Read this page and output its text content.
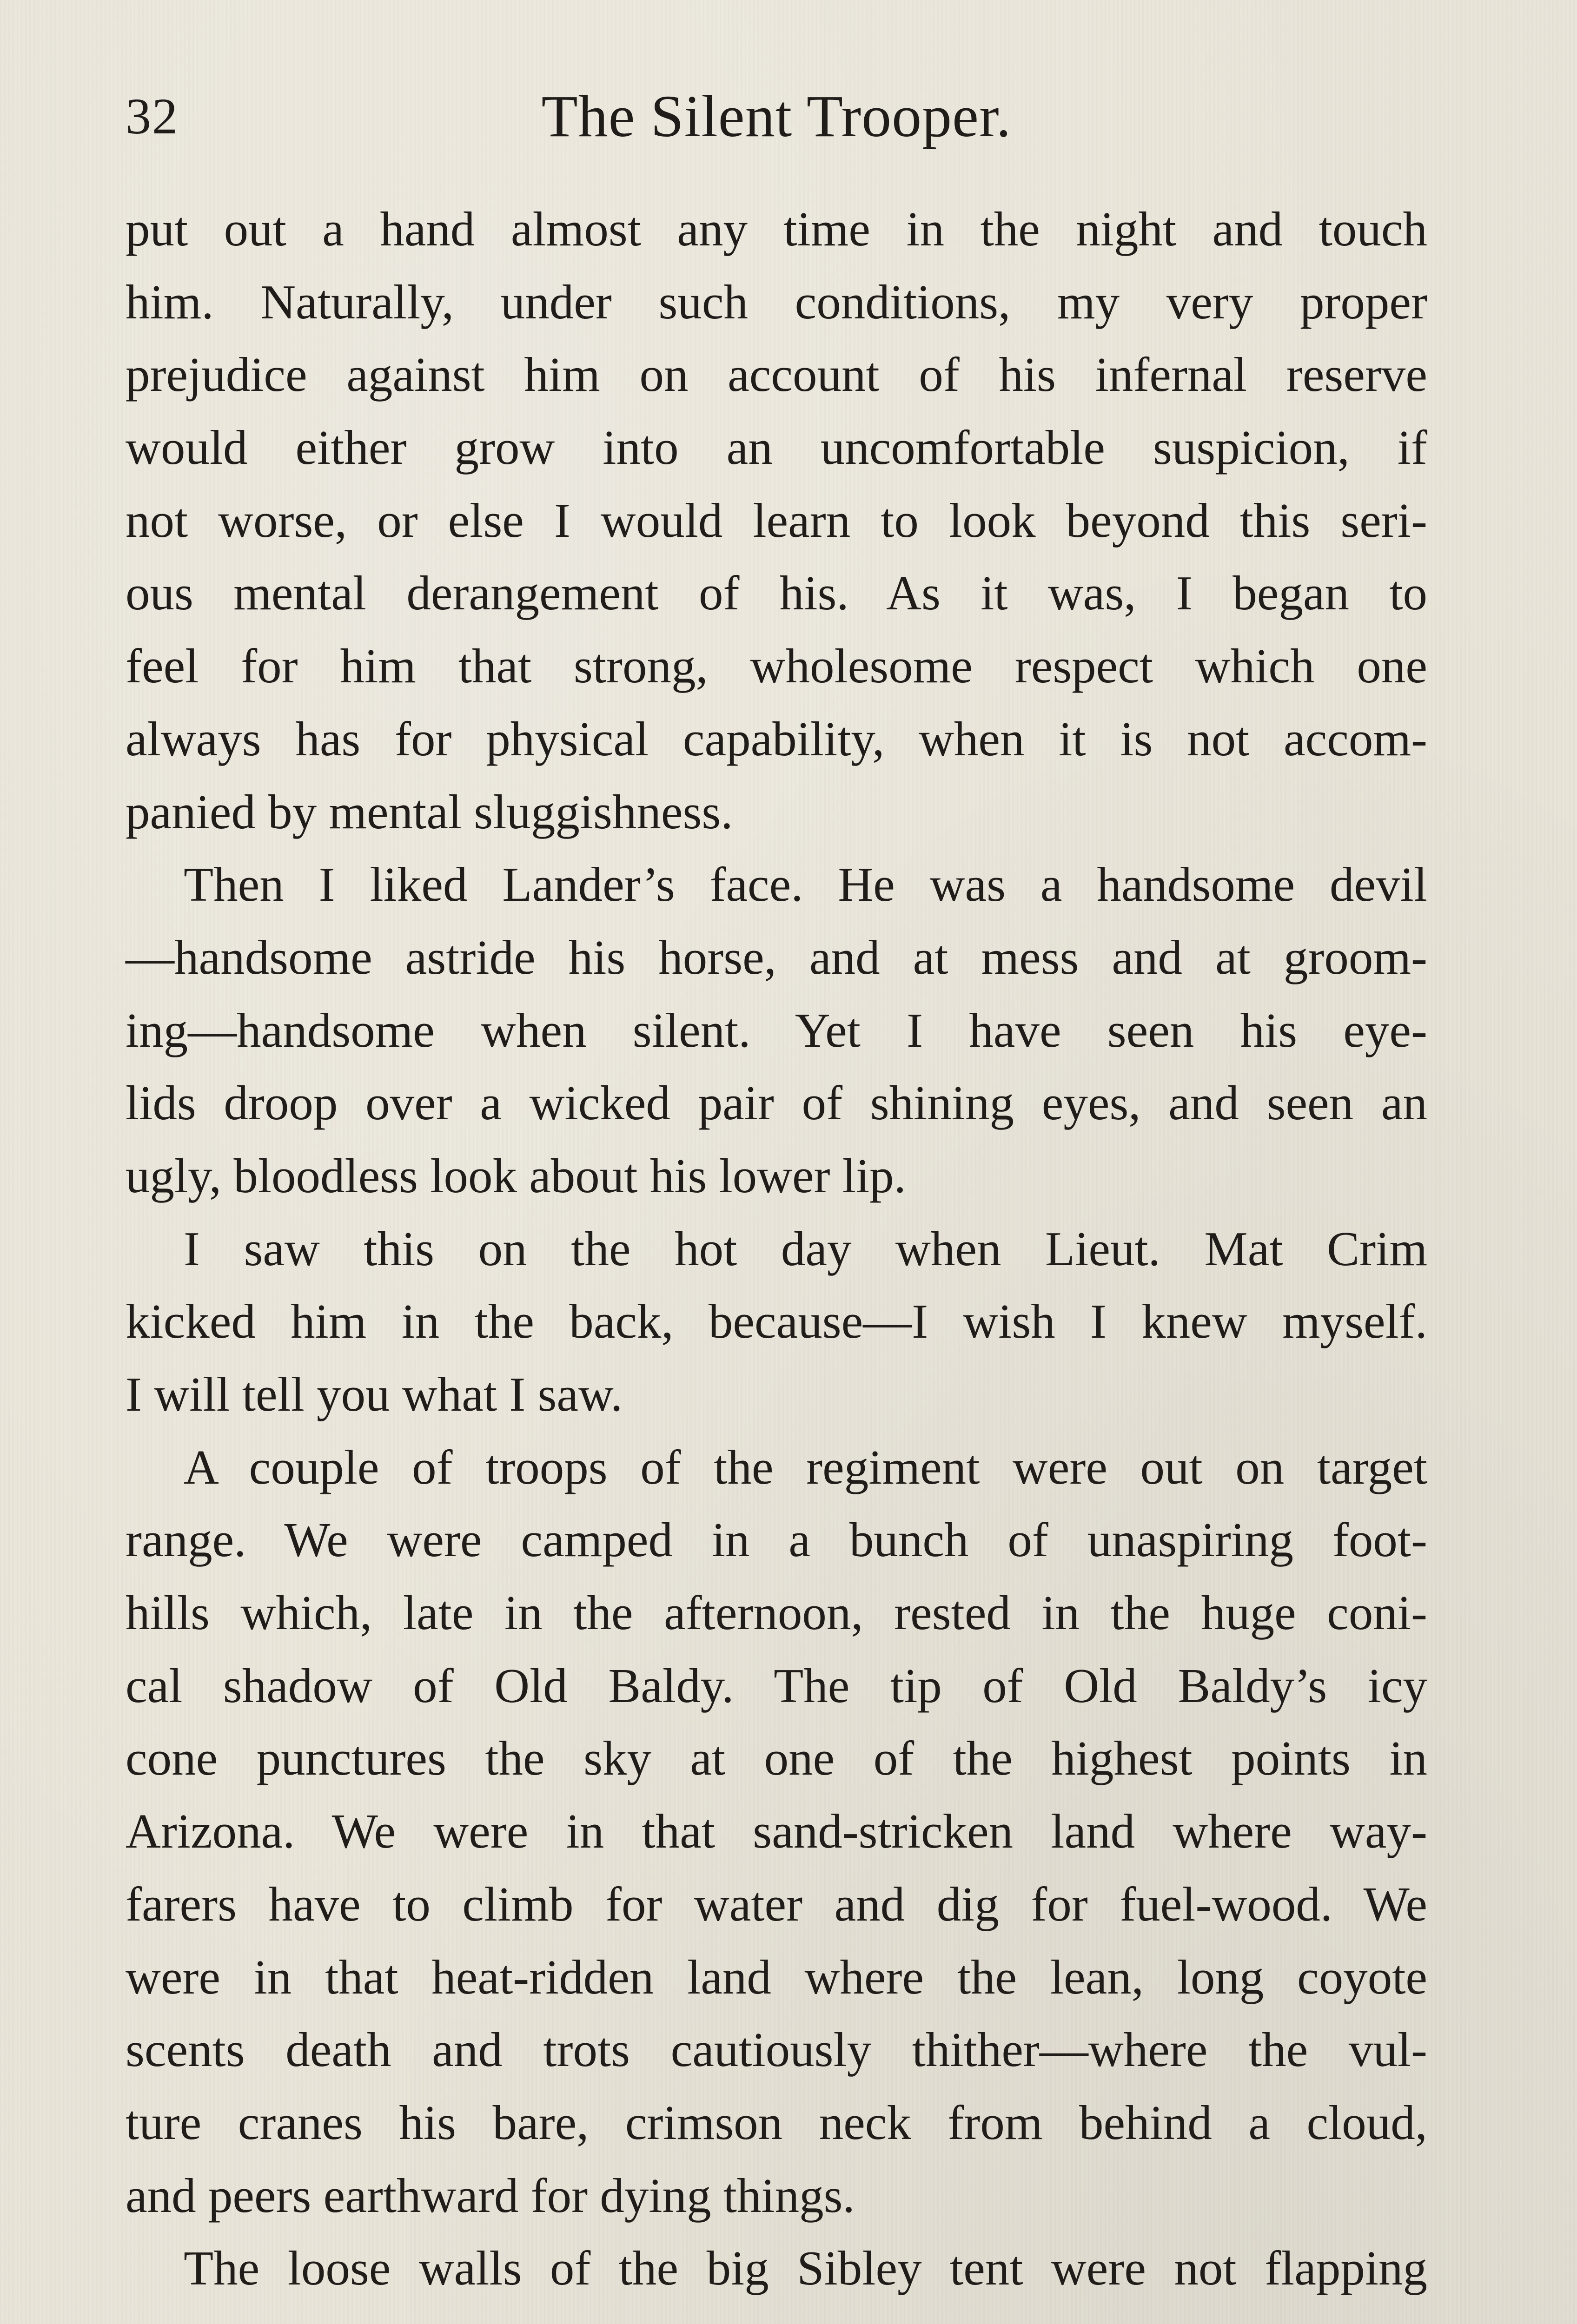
32	The Silent Trooper.
put out a hand almost any time in the night and touch
him. Naturally, under such conditions, my very proper
prejudice against him on account of his infernal reserve
would either grow into an uncomfortable suspicion, if
not worse, or else I would learn to look beyond this seri-
ous mental derangement of his. As it was, I began to
feel for him that strong, wholesome respect which one
always has for physical capability, when it is not accom-
panied by mental sluggishness.
Then I liked Lander’s face. He was a handsome devil
—handsome astride his horse, and at mess and at groom-
ing—handsome when silent. Yet I have seen his eye-
lids droop over a wicked pair of shining eyes, and seen an
ugly, bloodless look about his lower lip.
I saw this on the hot day when Lieut. Mat Crim
kicked him in the back, because—I wish I knew myself.
I will tell you what I saw.
A couple of troops of the regiment were out on target
range. We were camped in a bunch of unaspiring foot-
hills which, late in the afternoon, rested in the huge coni-
cal shadow of Old Baldy. The tip of Old Baldy’s icy
cone punctures the sky at one of the highest points in
Arizona. We were in that sand-stricken land where way-
farers have to climb for water and dig for fuel-wood. We
were in that heat-ridden land where the lean, long coyote
scents death and trots cautiously thither—where the vul-
ture cranes his bare, crimson neck from behind a cloud,
and peers earthward for dying things.
The loose walls of the big Sibley tent were not flapping
